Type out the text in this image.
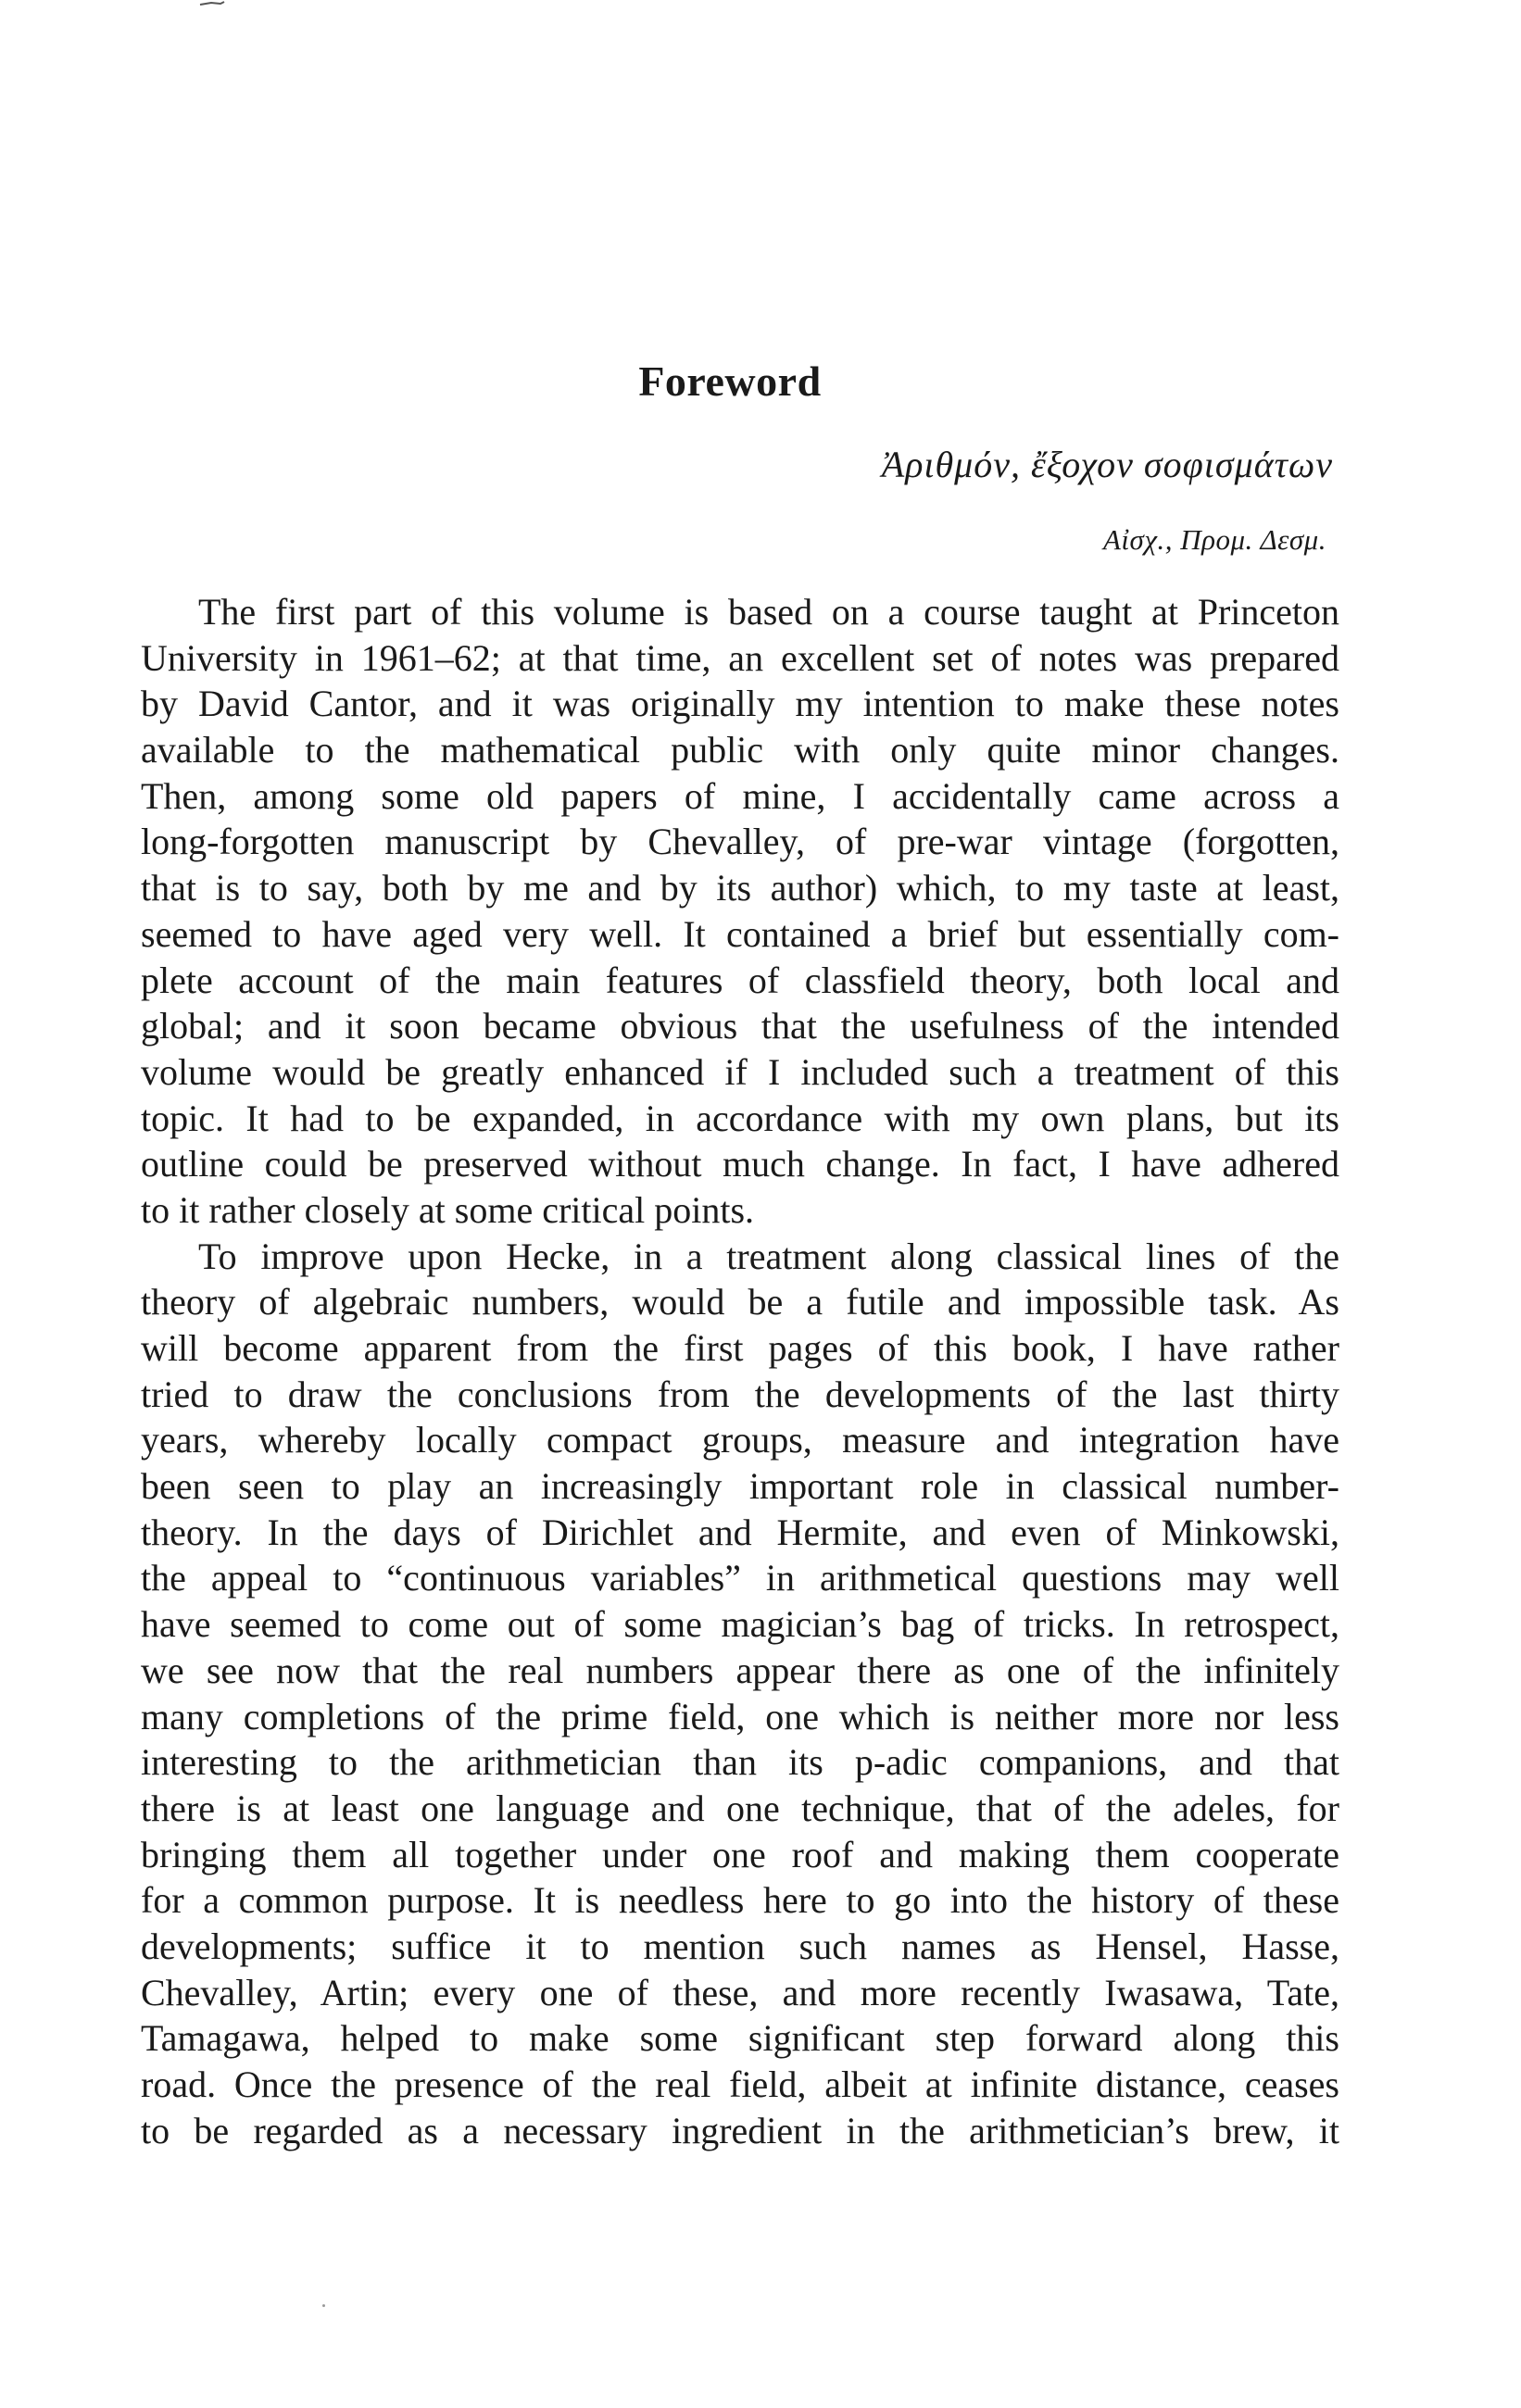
Foreword
Ἀριθμόν, ἔξοχον σοφισμάτων
Αἰσχ., Προμ. Δεσμ.
The first part of this volume is based on a course taught at Princeton
University in 1961–62; at that time, an excellent set of notes was prepared
by David Cantor, and it was originally my intention to make these notes
available to the mathematical public with only quite minor changes.
Then, among some old papers of mine, I accidentally came across a
long-forgotten manuscript by Chevalley, of pre-war vintage (forgotten,
that is to say, both by me and by its author) which, to my taste at least,
seemed to have aged very well. It contained a brief but essentially com-
plete account of the main features of classfield theory, both local and
global; and it soon became obvious that the usefulness of the intended
volume would be greatly enhanced if I included such a treatment of this
topic. It had to be expanded, in accordance with my own plans, but its
outline could be preserved without much change. In fact, I have adhered
to it rather closely at some critical points.
To improve upon Hecke, in a treatment along classical lines of the
theory of algebraic numbers, would be a futile and impossible task. As
will become apparent from the first pages of this book, I have rather
tried to draw the conclusions from the developments of the last thirty
years, whereby locally compact groups, measure and integration have
been seen to play an increasingly important role in classical number-
theory. In the days of Dirichlet and Hermite, and even of Minkowski,
the appeal to “continuous variables” in arithmetical questions may well
have seemed to come out of some magician’s bag of tricks. In retrospect,
we see now that the real numbers appear there as one of the infinitely
many completions of the prime field, one which is neither more nor less
interesting to the arithmetician than its p-adic companions, and that
there is at least one language and one technique, that of the adeles, for
bringing them all together under one roof and making them cooperate
for a common purpose. It is needless here to go into the history of these
developments; suffice it to mention such names as Hensel, Hasse,
Chevalley, Artin; every one of these, and more recently Iwasawa, Tate,
Tamagawa, helped to make some significant step forward along this
road. Once the presence of the real field, albeit at infinite distance, ceases
to be regarded as a necessary ingredient in the arithmetician’s brew, it
